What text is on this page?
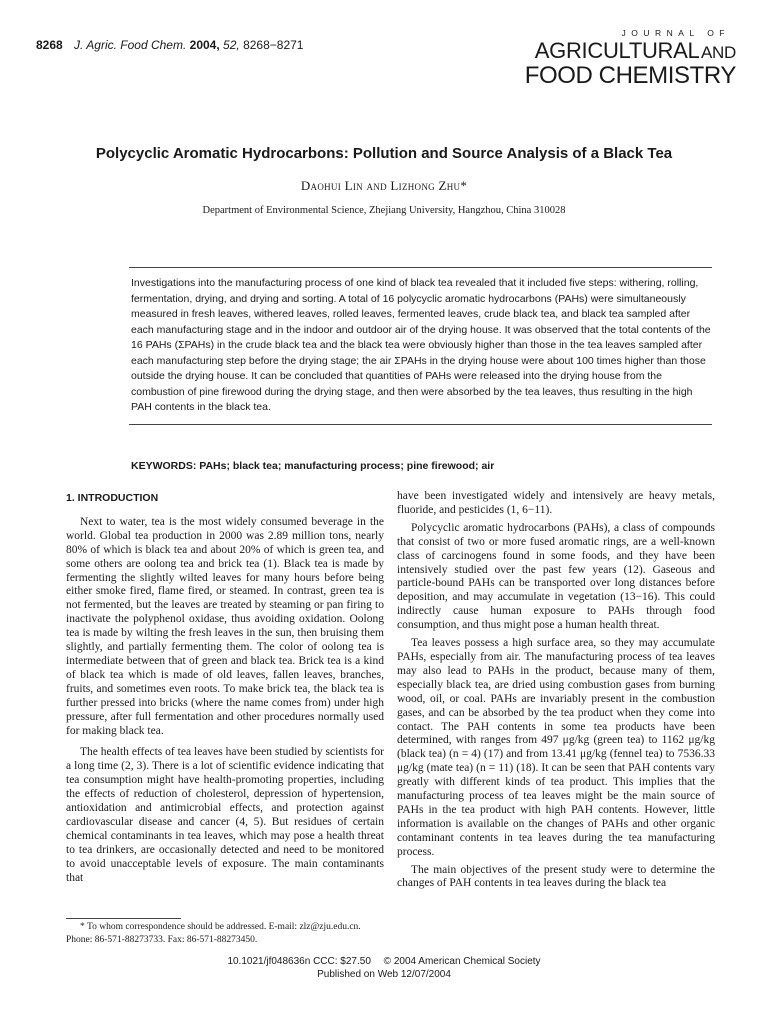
8268 J. Agric. Food Chem. 2004, 52, 8268−8271
JOURNAL OF
AGRICULTURAL AND
FOOD CHEMISTRY
Polycyclic Aromatic Hydrocarbons: Pollution and Source Analysis of a Black Tea
Daohui Lin and Lizhong Zhu*
Department of Environmental Science, Zhejiang University, Hangzhou, China 310028

Investigations into the manufacturing process of one kind of black tea revealed that it included five steps: withering, rolling, fermentation, drying, and drying and sorting. A total of 16 polycyclic aromatic hydrocarbons (PAHs) were simultaneously measured in fresh leaves, withered leaves, rolled leaves, fermented leaves, crude black tea, and black tea sampled after each manufacturing stage and in the indoor and outdoor air of the drying house. It was observed that the total contents of the 16 PAHs (ΣPAHs) in the crude black tea and the black tea were obviously higher than those in the tea leaves sampled after each manufacturing step before the drying stage; the air ΣPAHs in the drying house were about 100 times higher than those outside the drying house. It can be concluded that quantities of PAHs were released into the drying house from the combustion of pine firewood during the drying stage, and then were absorbed by the tea leaves, thus resulting in the high PAH contents in the black tea.

KEYWORDS: PAHs; black tea; manufacturing process; pine firewood; air
1. INTRODUCTION

Next to water, tea is the most widely consumed beverage in the world. Global tea production in 2000 was 2.89 million tons, nearly 80% of which is black tea and about 20% of which is green tea, and some others are oolong tea and brick tea (1). Black tea is made by fermenting the slightly wilted leaves for many hours before being either smoke fired, flame fired, or steamed. In contrast, green tea is not fermented, but the leaves are treated by steaming or pan firing to inactivate the polyphenol oxidase, thus avoiding oxidation. Oolong tea is made by wilting the fresh leaves in the sun, then bruising them slightly, and partially fermenting them. The color of oolong tea is intermediate between that of green and black tea. Brick tea is a kind of black tea which is made of old leaves, fallen leaves, branches, fruits, and sometimes even roots. To make brick tea, the black tea is further pressed into bricks (where the name comes from) under high pressure, after full fermentation and other procedures normally used for making black tea.

The health effects of tea leaves have been studied by scientists for a long time (2, 3). There is a lot of scientific evidence indicating that tea consumption might have health-promoting properties, including the effects of reduction of cholesterol, depression of hypertension, antioxidation and antimicrobial effects, and protection against cardiovascular disease and cancer (4, 5). But residues of certain chemical contaminants in tea leaves, which may pose a health threat to tea drinkers, are occasionally detected and need to be monitored to avoid unacceptable levels of exposure. The main contaminants that

have been investigated widely and intensively are heavy metals, fluoride, and pesticides (1, 6−11).

Polycyclic aromatic hydrocarbons (PAHs), a class of compounds that consist of two or more fused aromatic rings, are a well-known class of carcinogens found in some foods, and they have been intensively studied over the past few years (12). Gaseous and particle-bound PAHs can be transported over long distances before deposition, and may accumulate in vegetation (13−16). This could indirectly cause human exposure to PAHs through food consumption, and thus might pose a human health threat.

Tea leaves possess a high surface area, so they may accumulate PAHs, especially from air. The manufacturing process of tea leaves may also lead to PAHs in the product, because many of them, especially black tea, are dried using combustion gases from burning wood, oil, or coal. PAHs are invariably present in the combustion gases, and can be absorbed by the tea product when they come into contact. The PAH contents in some tea products have been determined, with ranges from 497 μg/kg (green tea) to 1162 μg/kg (black tea) (n = 4) (17) and from 13.41 μg/kg (fennel tea) to 7536.33 μg/kg (mate tea) (n = 11) (18). It can be seen that PAH contents vary greatly with different kinds of tea product. This implies that the manufacturing process of tea leaves might be the main source of PAHs in the tea product with high PAH contents. However, little information is available on the changes of PAHs and other organic contaminant contents in tea leaves during the tea manufacturing process.

The main objectives of the present study were to determine the changes of PAH contents in tea leaves during the black tea

* To whom correspondence should be addressed. E-mail: zlz@zju.edu.cn. Phone: 86-571-88273733. Fax: 86-571-88273450.
10.1021/jf048636n CCC: $27.50 © 2004 American Chemical Society
Published on Web 12/07/2004
